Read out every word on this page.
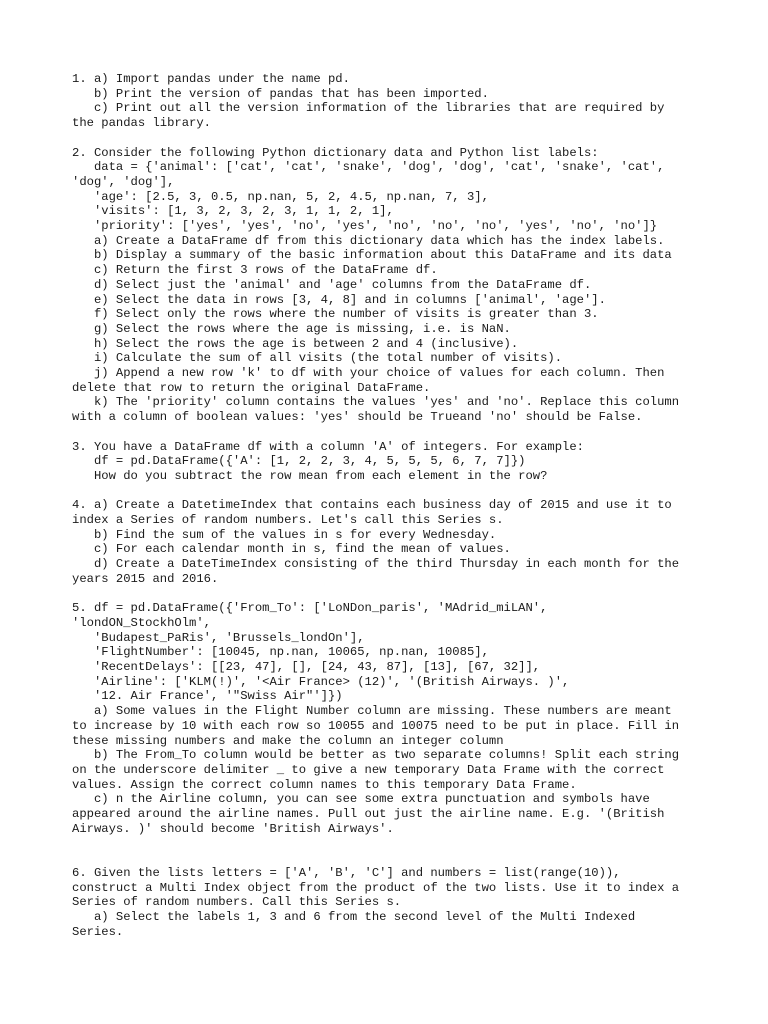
1. a) Import pandas under the name pd.
b) Print the version of pandas that has been imported.
c) Print out all the version information of the libraries that are required by
the pandas library.
2. Consider the following Python dictionary data and Python list labels:
data = {'animal': ['cat', 'cat', 'snake', 'dog', 'dog', 'cat', 'snake', 'cat',
'dog', 'dog'],
'age': [2.5, 3, 0.5, np.nan, 5, 2, 4.5, np.nan, 7, 3],
'visits': [1, 3, 2, 3, 2, 3, 1, 1, 2, 1],
'priority': ['yes', 'yes', 'no', 'yes', 'no', 'no', 'no', 'yes', 'no', 'no']}
a) Create a DataFrame df from this dictionary data which has the index labels.
b) Display a summary of the basic information about this DataFrame and its data
c) Return the first 3 rows of the DataFrame df.
d) Select just the 'animal' and 'age' columns from the DataFrame df.
e) Select the data in rows [3, 4, 8] and in columns ['animal', 'age'].
f) Select only the rows where the number of visits is greater than 3.
g) Select the rows where the age is missing, i.e. is NaN.
h) Select the rows the age is between 2 and 4 (inclusive).
i) Calculate the sum of all visits (the total number of visits).
j) Append a new row 'k' to df with your choice of values for each column. Then
delete that row to return the original DataFrame.
k) The 'priority' column contains the values 'yes' and 'no'. Replace this column
with a column of boolean values: 'yes' should be Trueand 'no' should be False.
3. You have a DataFrame df with a column 'A' of integers. For example:
df = pd.DataFrame({'A': [1, 2, 2, 3, 4, 5, 5, 5, 6, 7, 7]})
How do you subtract the row mean from each element in the row?
4. a) Create a DatetimeIndex that contains each business day of 2015 and use it to
index a Series of random numbers. Let's call this Series s.
b) Find the sum of the values in s for every Wednesday.
c) For each calendar month in s, find the mean of values.
d) Create a DateTimeIndex consisting of the third Thursday in each month for the
years 2015 and 2016.
5. df = pd.DataFrame({'From_To': ['LoNDon_paris', 'MAdrid_miLAN',
'londON_StockhOlm',
'Budapest_PaRis', 'Brussels_londOn'],
'FlightNumber': [10045, np.nan, 10065, np.nan, 10085],
'RecentDelays': [[23, 47], [], [24, 43, 87], [13], [67, 32]],
'Airline': ['KLM(!)', '<Air France> (12)', '(British Airways. )',
'12. Air France', '"Swiss Air"']})
a) Some values in the Flight Number column are missing. These numbers are meant
to increase by 10 with each row so 10055 and 10075 need to be put in place. Fill in
these missing numbers and make the column an integer column
b) The From_To column would be better as two separate columns! Split each string
on the underscore delimiter _ to give a new temporary Data Frame with the correct
values. Assign the correct column names to this temporary Data Frame.
c) n the Airline column, you can see some extra punctuation and symbols have
appeared around the airline names. Pull out just the airline name. E.g. '(British
Airways. )' should become 'British Airways'.
6. Given the lists letters = ['A', 'B', 'C'] and numbers = list(range(10)),
construct a Multi Index object from the product of the two lists. Use it to index a
Series of random numbers. Call this Series s.
a) Select the labels 1, 3 and 6 from the second level of the Multi Indexed
Series.
